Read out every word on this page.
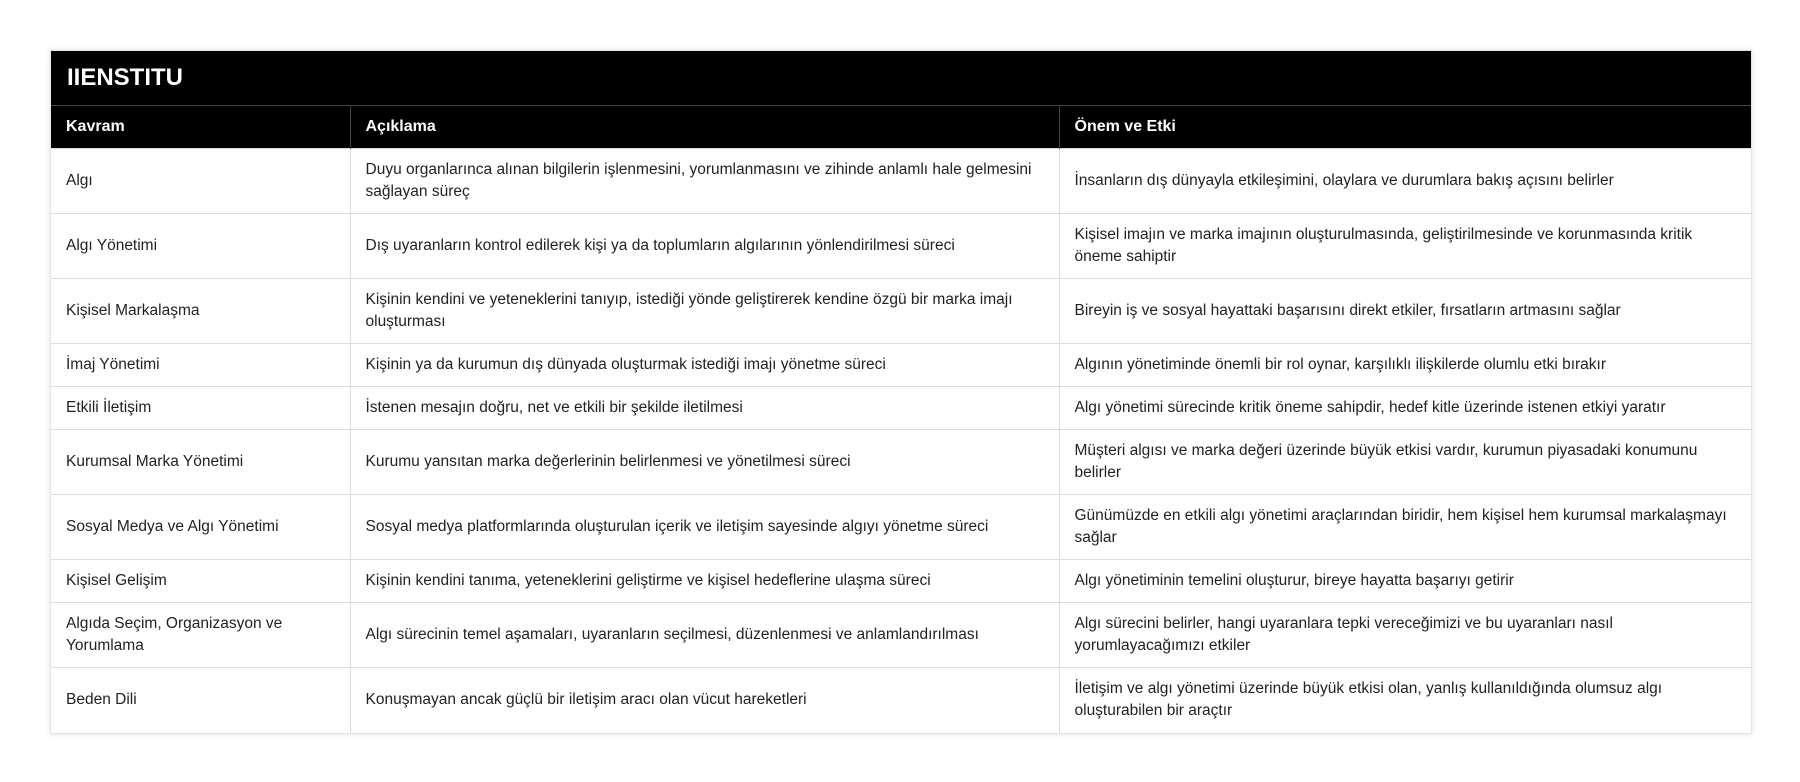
IIENSTITU
Kavram	Açıklama	Önem ve Etki
Algı	Duyu organlarınca alınan bilgilerin işlenmesini, yorumlanmasını ve zihinde anlamlı hale gelmesini sağlayan süreç	İnsanların dış dünyayla etkileşimini, olaylara ve durumlara bakış açısını belirler
Algı Yönetimi	Dış uyaranların kontrol edilerek kişi ya da toplumların algılarının yönlendirilmesi süreci	Kişisel imajın ve marka imajının oluşturulmasında, geliştirilmesinde ve korunmasında kritik öneme sahiptir
Kişisel Markalaşma	Kişinin kendini ve yeteneklerini tanıyıp, istediği yönde geliştirerek kendine özgü bir marka imajı oluşturması	Bireyin iş ve sosyal hayattaki başarısını direkt etkiler, fırsatların artmasını sağlar
İmaj Yönetimi	Kişinin ya da kurumun dış dünyada oluşturmak istediği imajı yönetme süreci	Algının yönetiminde önemli bir rol oynar, karşılıklı ilişkilerde olumlu etki bırakır
Etkili İletişim	İstenen mesajın doğru, net ve etkili bir şekilde iletilmesi	Algı yönetimi sürecinde kritik öneme sahipdir, hedef kitle üzerinde istenen etkiyi yaratır
Kurumsal Marka Yönetimi	Kurumu yansıtan marka değerlerinin belirlenmesi ve yönetilmesi süreci	Müşteri algısı ve marka değeri üzerinde büyük etkisi vardır, kurumun piyasadaki konumunu belirler
Sosyal Medya ve Algı Yönetimi	Sosyal medya platformlarında oluşturulan içerik ve iletişim sayesinde algıyı yönetme süreci	Günümüzde en etkili algı yönetimi araçlarından biridir, hem kişisel hem kurumsal markalaşmayı sağlar
Kişisel Gelişim	Kişinin kendini tanıma, yeteneklerini geliştirme ve kişisel hedeflerine ulaşma süreci	Algı yönetiminin temelini oluşturur, bireye hayatta başarıyı getirir
Algıda Seçim, Organizasyon ve Yorumlama	Algı sürecinin temel aşamaları, uyaranların seçilmesi, düzenlenmesi ve anlamlandırılması	Algı sürecini belirler, hangi uyaranlara tepki vereceğimizi ve bu uyaranları nasıl yorumlayacağımızı etkiler
Beden Dili	Konuşmayan ancak güçlü bir iletişim aracı olan vücut hareketleri	İletişim ve algı yönetimi üzerinde büyük etkisi olan, yanlış kullanıldığında olumsuz algı oluşturabilen bir araçtır
